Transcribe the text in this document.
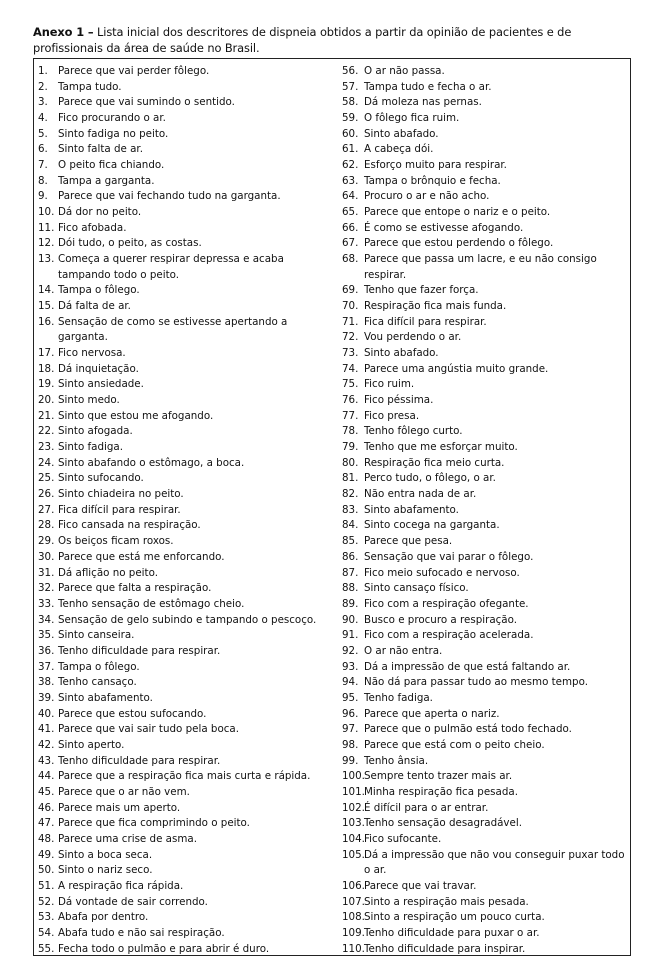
Anexo 1 – Lista inicial dos descritores de dispneia obtidos a partir da opinião de pacientes e de profissionais da área de saúde no Brasil.
1. Parece que vai perder fôlego.
2. Tampa tudo.
3. Parece que vai sumindo o sentido.
4. Fico procurando o ar.
5. Sinto fadiga no peito.
6. Sinto falta de ar.
7. O peito fica chiando.
8. Tampa a garganta.
9. Parece que vai fechando tudo na garganta.
10. Dá dor no peito.
11. Fico afobada.
12. Dói tudo, o peito, as costas.
13. Começa a querer respirar depressa e acaba tampando todo o peito.
14. Tampa o fôlego.
15. Dá falta de ar.
16. Sensação de como se estivesse apertando a garganta.
17. Fico nervosa.
18. Dá inquietação.
19. Sinto ansiedade.
20. Sinto medo.
21. Sinto que estou me afogando.
22. Sinto afogada.
23. Sinto fadiga.
24. Sinto abafando o estômago, a boca.
25. Sinto sufocando.
26. Sinto chiadeira no peito.
27. Fica difícil para respirar.
28. Fico cansada na respiração.
29. Os beiços ficam roxos.
30. Parece que está me enforcando.
31. Dá aflição no peito.
32. Parece que falta a respiração.
33. Tenho sensação de estômago cheio.
34. Sensação de gelo subindo e tampando o pescoço.
35. Sinto canseira.
36. Tenho dificuldade para respirar.
37. Tampa o fôlego.
38. Tenho cansaço.
39. Sinto abafamento.
40. Parece que estou sufocando.
41. Parece que vai sair tudo pela boca.
42. Sinto aperto.
43. Tenho dificuldade para respirar.
44. Parece que a respiração fica mais curta e rápida.
45. Parece que o ar não vem.
46. Parece mais um aperto.
47. Parece que fica comprimindo o peito.
48. Parece uma crise de asma.
49. Sinto a boca seca.
50. Sinto o nariz seco.
51. A respiração fica rápida.
52. Dá vontade de sair correndo.
53. Abafa por dentro.
54. Abafa tudo e não sai respiração.
55. Fecha todo o pulmão e para abrir é duro.
56. O ar não passa.
57. Tampa tudo e fecha o ar.
58. Dá moleza nas pernas.
59. O fôlego fica ruim.
60. Sinto abafado.
61. A cabeça dói.
62. Esforço muito para respirar.
63. Tampa o brônquio e fecha.
64. Procuro o ar e não acho.
65. Parece que entope o nariz e o peito.
66. É como se estivesse afogando.
67. Parece que estou perdendo o fôlego.
68. Parece que passa um lacre, e eu não consigo respirar.
69. Tenho que fazer força.
70. Respiração fica mais funda.
71. Fica difícil para respirar.
72. Vou perdendo o ar.
73. Sinto abafado.
74. Parece uma angústia muito grande.
75. Fico ruim.
76. Fico péssima.
77. Fico presa.
78. Tenho fôlego curto.
79. Tenho que me esforçar muito.
80. Respiração fica meio curta.
81. Perco tudo, o fôlego, o ar.
82. Não entra nada de ar.
83. Sinto abafamento.
84. Sinto cocega na garganta.
85. Parece que pesa.
86. Sensação que vai parar o fôlego.
87. Fico meio sufocado e nervoso.
88. Sinto cansaço físico.
89. Fico com a respiração ofegante.
90. Busco e procuro a respiração.
91. Fico com a respiração acelerada.
92. O ar não entra.
93. Dá a impressão de que está faltando ar.
94. Não dá para passar tudo ao mesmo tempo.
95. Tenho fadiga.
96. Parece que aperta o nariz.
97. Parece que o pulmão está todo fechado.
98. Parece que está com o peito cheio.
99. Tenho ânsia.
100. Sempre tento trazer mais ar.
101. Minha respiração fica pesada.
102. É difícil para o ar entrar.
103. Tenho sensação desagradável.
104. Fico sufocante.
105. Dá a impressão que não vou conseguir puxar todo o ar.
106. Parece que vai travar.
107. Sinto a respiração mais pesada.
108. Sinto a respiração um pouco curta.
109. Tenho dificuldade para puxar o ar.
110. Tenho dificuldade para inspirar.
